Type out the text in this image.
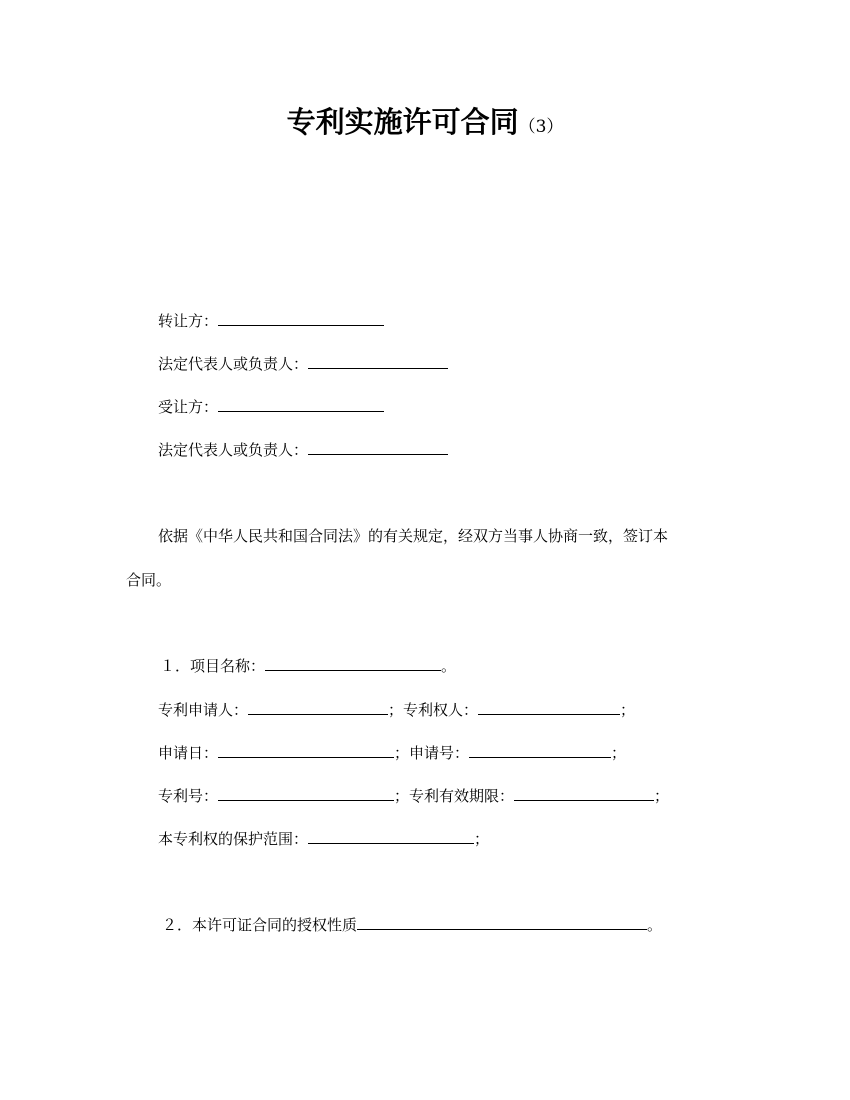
专利实施许可合同（3）
转让方：
法定代表人或负责人：
受让方：
法定代表人或负责人：
依据《中华人民共和国合同法》的有关规定，经双方当事人协商一致，签订本
合同。
１．项目名称：	。
专利申请人：	；专利权人：	；
申请日：	；申请号：	；
专利号：	；专利有效期限：	；
本专利权的保护范围：	；
２．本许可证合同的授权性质	。
